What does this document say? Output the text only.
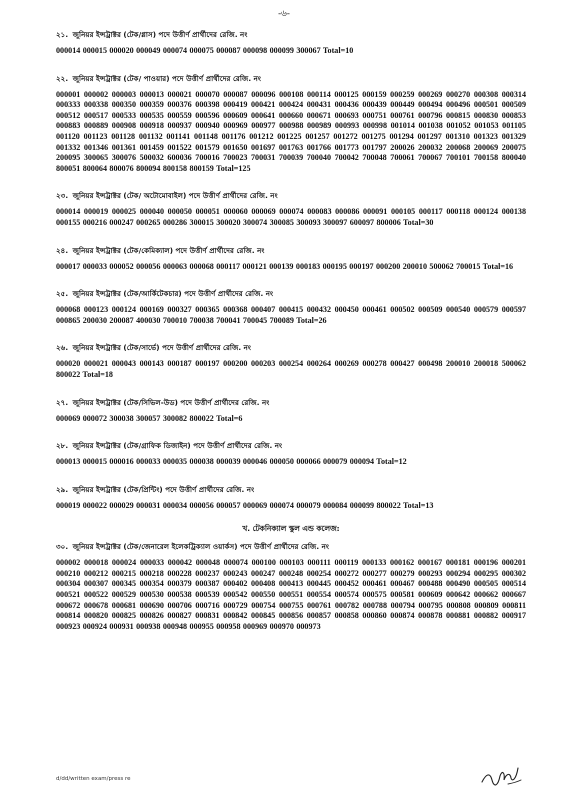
-৬-
২১. জুনিয়র ইন্সট্রাক্টর (টেক/গ্লাস) পদে উত্তীর্ণ প্রার্থীদের রেজি. নং
000014 000015 000020 000049 000074 000075 000087 000098 000099 300067 Total=10
২২. জুনিয়র ইন্সট্রাক্টর (টেক/ পাওয়ার) পদে উত্তীর্ণ প্রার্থীদের রেজি. নং
000001 000002 000003 000013 000021 000070 000087 000096 000108 000114 000125 000159 000259 000269 000270 000308 000314 000333 000338 000350 000359 000376 000398 000419 000421 000424 000431 000436 000439 000449 000494 000496 000501 000509 000512 000517 000533 000535 000559 000596 000609 000641 000660 000671 000693 000751 000761 000796 000815 000830 000853 000883 000889 000908 000918 000937 000940 000969 000977 000988 000989 000993 000998 001014 001038 001052 001053 001105 001120 001123 001128 001132 001141 001148 001176 001212 001225 001257 001272 001275 001294 001297 001310 001323 001329 001332 001346 001361 001459 001522 001579 001650 001697 001763 001766 001773 001797 200026 200032 200068 200069 200075 200095 300065 300076 500032 600036 700016 700023 700031 700039 700040 700042 700048 700061 700067 700101 700158 800040 800051 800064 800076 800094 800158 800159 Total=125
২৩. জুনিয়র ইন্সট্রাক্টর (টেক/ অটোমোবাইল) পদে উত্তীর্ণ প্রার্থীদের রেজি. নং
000014 000019 000025 000040 000050 000051 000060 000069 000074 000083 000086 000091 000105 000117 000118 000124 000138 000155 000216 000247 000265 000286 300015 300020 300074 300085 300093 300097 600097 800006 Total=30
২৪. জুনিয়র ইন্সট্রাক্টর (টেক/কেমিক্যাল) পদে উত্তীর্ণ প্রার্থীদের রেজি. নং
000017 000033 000052 000056 000063 000068 000117 000121 000139 000183 000195 000197 000200 200010 500062 700015 Total=16
২৫. জুনিয়র ইন্সট্রাক্টর (টেক/আর্কিটেকচার) পদে উত্তীর্ণ প্রার্থীদের রেজি. নং
000068 000123 000124 000169 000327 000365 000368 000407 000415 000432 000450 000461 000502 000509 000540 000579 000597 000865 200030 200087 400030 700010 700038 700041 700045 700089 Total=26
২৬. জুনিয়র ইন্সট্রাক্টর (টেক/সার্ভে) পদে উত্তীর্ণ প্রার্থীদের রেজি. নং
000020 000021 000043 000143 000187 000197 000200 000203 000254 000264 000269 000278 000427 000498 200010 200018 500062 800022 Total=18
২৭. জুনিয়র ইন্সট্রাক্টর (টেক/সিভিল-উড) পদে উত্তীর্ণ প্রার্থীদের রেজি. নং
000069 000072 300038 300057 300082 800022 Total=6
২৮. জুনিয়র ইন্সট্রাক্টর (টেক/গ্রাফিক ডিজাইন) পদে উত্তীর্ণ প্রার্থীদের রেজি. নং
000013 000015 000016 000033 000035 000038 000039 000046 000050 000066 000079 000094 Total=12
২৯. জুনিয়র ইন্সট্রাক্টর (টেক/প্রিন্টিং) পদে উত্তীর্ণ প্রার্থীদের রেজি. নং
000019 000022 000029 000031 000034 000056 000057 000069 000074 000079 000084 000099 800022 Total=13
খ. টেকনিক্যাল স্কুল এন্ড কলেজ:
৩০. জুনিয়র ইন্সট্রাক্টর (টেক/জেনারেল ইলেকট্রিক্যাল ওয়ার্কস) পদে উত্তীর্ণ প্রার্থীদের রেজি. নং
000002 000018 000024 000033 000042 000048 000074 000100 000103 000111 000119 000133 000162 000167 000181 000196 000201 000210 000212 000215 000218 000228 000237 000243 000247 000248 000254 000272 000277 000279 000293 000294 000295 000302 000304 000307 000345 000354 000379 000387 000402 000408 000413 000445 000452 000461 000467 000488 000490 000505 000514 000521 000522 000529 000530 000538 000539 000542 000550 000551 000554 000574 000575 000581 000609 000642 000662 000667 000672 000678 000681 000690 000706 000716 000729 000754 000755 000761 000782 000788 000794 000795 000808 000809 000811 000814 000820 000825 000826 000827 000831 000842 000845 000856 000857 000858 000860 000874 000878 000881 000882 000917 000923 000924 000931 000938 000948 000955 000958 000969 000970 000973
d/dd/written exam/press re
